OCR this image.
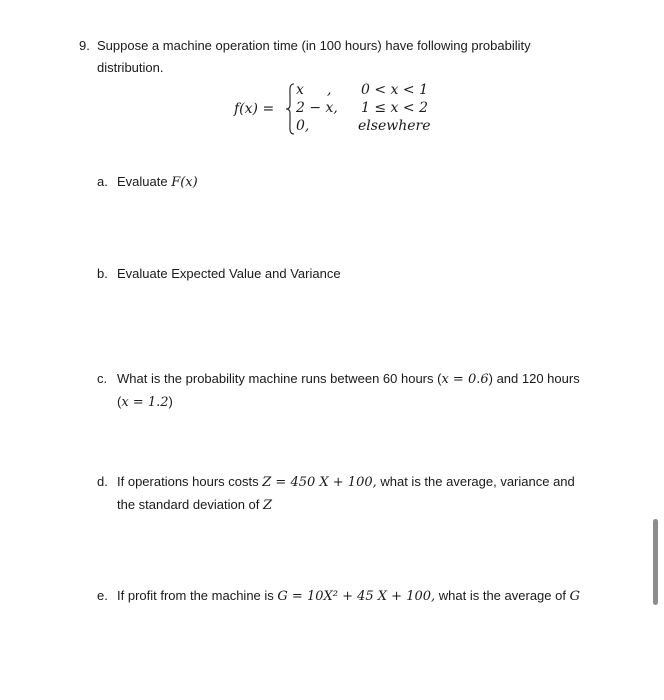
9. Suppose a machine operation time (in 100 hours) have following probability
distribution.
f(x) =
x , 0 < x < 1
2 − x, 1 ≤ x < 2
0,	elsewhere
a. Evaluate F(x)
b. Evaluate Expected Value and Variance
c. What is the probability machine runs between 60 hours (x = 0.6) and 120 hours
(x = 1.2)
d. If operations hours costs Z = 450 X + 100, what is the average, variance and
the standard deviation of Z
e. If profit from the machine is G = 10X² + 45 X + 100, what is the average of G
